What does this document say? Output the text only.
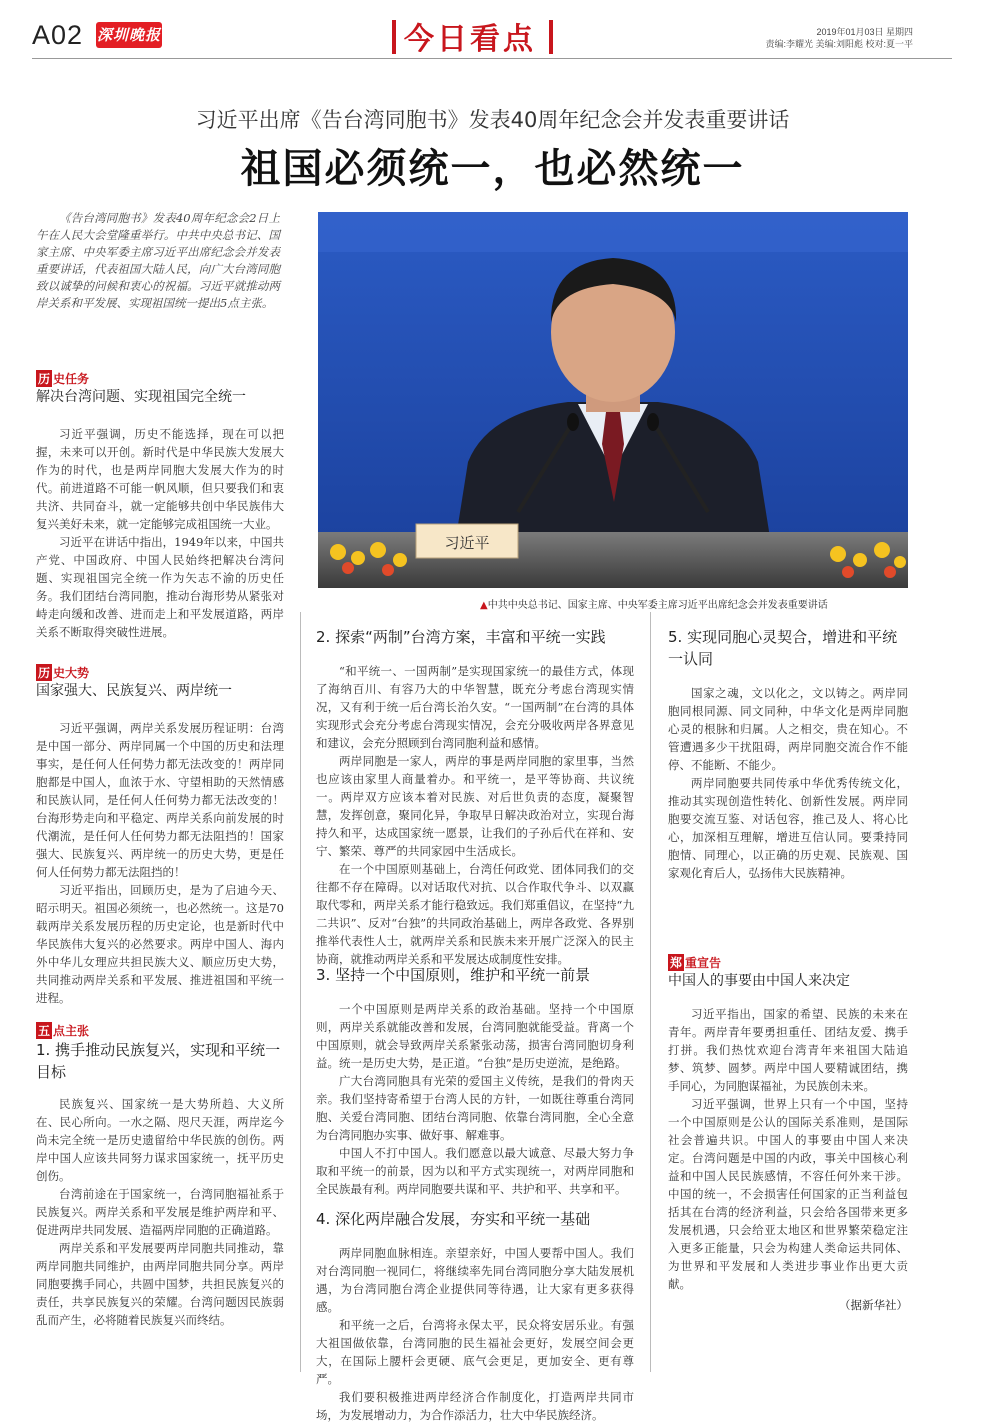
A02 深圳晚报	今日看点	2019年01月03日 星期四
责编:李耀光 美编:刘阳彪 校对:夏一平
习近平出席《告台湾同胞书》发表40周年纪念会并发表重要讲话
祖国必须统一，也必然统一
《告台湾同胞书》发表40周年纪念会2日上午在人民大会堂隆重举行。中共中央总书记、国家主席、中央军委主席习近平出席纪念会并发表重要讲话，代表祖国大陆人民，向广大台湾同胞致以诚挚的问候和衷心的祝福。习近平就推动两岸关系和平发展、实现祖国统一提出5点主张。
习近平
▲中共中央总书记、国家主席、中央军委主席习近平出席纪念会并发表重要讲话
历 史任务
解决台湾问题、实现祖国完全统一

习近平强调，历史不能选择，现在可以把握，未来可以开创。新时代是中华民族大发展大作为的时代，也是两岸同胞大发展大作为的时代。前进道路不可能一帆风顺，但只要我们和衷共济、共同奋斗，就一定能够共创中华民族伟大复兴美好未来，就一定能够完成祖国统一大业。

习近平在讲话中指出，1949年以来，中国共产党、中国政府、中国人民始终把解决台湾问题、实现祖国完全统一作为矢志不渝的历史任务。我们团结台湾同胞，推动台海形势从紧张对峙走向缓和改善、进而走上和平发展道路，两岸关系不断取得突破性进展。

历 史大势
国家强大、民族复兴、两岸统一

习近平强调，两岸关系发展历程证明：台湾是中国一部分、两岸同属一个中国的历史和法理事实，是任何人任何势力都无法改变的！两岸同胞都是中国人，血浓于水、守望相助的天然情感和民族认同，是任何人任何势力都无法改变的！台海形势走向和平稳定、两岸关系向前发展的时代潮流，是任何人任何势力都无法阻挡的！国家强大、民族复兴、两岸统一的历史大势，更是任何人任何势力都无法阻挡的！

习近平指出，回顾历史，是为了启迪今天、昭示明天。祖国必须统一，也必然统一。这是70载两岸关系发展历程的历史定论，也是新时代中华民族伟大复兴的必然要求。两岸中国人、海内外中华儿女理应共担民族大义、顺应历史大势，共同推动两岸关系和平发展、推进祖国和平统一进程。

五 点主张
1. 携手推动民族复兴，实现和平统一目标

民族复兴、国家统一是大势所趋、大义所在、民心所向。一水之隔、咫尺天涯，两岸迄今尚未完全统一是历史遗留给中华民族的创伤。两岸中国人应该共同努力谋求国家统一，抚平历史创伤。

台湾前途在于国家统一，台湾同胞福祉系于民族复兴。两岸关系和平发展是维护两岸和平、促进两岸共同发展、造福两岸同胞的正确道路。

两岸关系和平发展要两岸同胞共同推动，靠两岸同胞共同维护，由两岸同胞共同分享。两岸同胞要携手同心，共圆中国梦，共担民族复兴的责任，共享民族复兴的荣耀。台湾问题因民族弱乱而产生，必将随着民族复兴而终结。

2. 探索“两制”台湾方案，丰富和平统一实践

“和平统一、一国两制”是实现国家统一的最佳方式，体现了海纳百川、有容乃大的中华智慧，既充分考虑台湾现实情况，又有利于统一后台湾长治久安。“一国两制”在台湾的具体实现形式会充分考虑台湾现实情况，会充分吸收两岸各界意见和建议，会充分照顾到台湾同胞利益和感情。

两岸同胞是一家人，两岸的事是两岸同胞的家里事，当然也应该由家里人商量着办。和平统一，是平等协商、共议统一。两岸双方应该本着对民族、对后世负责的态度，凝聚智慧，发挥创意，聚同化异，争取早日解决政治对立，实现台海持久和平，达成国家统一愿景，让我们的子孙后代在祥和、安宁、繁荣、尊严的共同家园中生活成长。

在一个中国原则基础上，台湾任何政党、团体同我们的交往都不存在障碍。以对话取代对抗、以合作取代争斗、以双赢取代零和，两岸关系才能行稳致远。我们郑重倡议，在坚持“九二共识”、反对“台独”的共同政治基础上，两岸各政党、各界别推举代表性人士，就两岸关系和民族未来开展广泛深入的民主协商，就推动两岸关系和平发展达成制度性安排。

3. 坚持一个中国原则，维护和平统一前景

一个中国原则是两岸关系的政治基础。坚持一个中国原则，两岸关系就能改善和发展，台湾同胞就能受益。背离一个中国原则，就会导致两岸关系紧张动荡，损害台湾同胞切身利益。统一是历史大势，是正道。“台独”是历史逆流，是绝路。

广大台湾同胞具有光荣的爱国主义传统，是我们的骨肉天亲。我们坚持寄希望于台湾人民的方针，一如既往尊重台湾同胞、关爱台湾同胞、团结台湾同胞、依靠台湾同胞，全心全意为台湾同胞办实事、做好事、解难事。

中国人不打中国人。我们愿意以最大诚意、尽最大努力争取和平统一的前景，因为以和平方式实现统一，对两岸同胞和全民族最有利。两岸同胞要共谋和平、共护和平、共享和平。

4. 深化两岸融合发展，夯实和平统一基础

两岸同胞血脉相连。亲望亲好，中国人要帮中国人。我们对台湾同胞一视同仁，将继续率先同台湾同胞分享大陆发展机遇，为台湾同胞台湾企业提供同等待遇，让大家有更多获得感。

和平统一之后，台湾将永保太平，民众将安居乐业。有强大祖国做依靠，台湾同胞的民生福祉会更好，发展空间会更大，在国际上腰杆会更硬、底气会更足，更加安全、更有尊严。

我们要积极推进两岸经济合作制度化，打造两岸共同市场，为发展增动力，为合作添活力，壮大中华民族经济。

5. 实现同胞心灵契合，增进和平统一认同

国家之魂，文以化之，文以铸之。两岸同胞同根同源、同文同种，中华文化是两岸同胞心灵的根脉和归属。人之相交，贵在知心。不管遭遇多少干扰阻碍，两岸同胞交流合作不能停、不能断、不能少。

两岸同胞要共同传承中华优秀传统文化，推动其实现创造性转化、创新性发展。两岸同胞要交流互鉴、对话包容，推己及人、将心比心，加深相互理解，增进互信认同。要秉持同胞情、同理心，以正确的历史观、民族观、国家观化育后人，弘扬伟大民族精神。

郑 重宣告
中国人的事要由中国人来决定

习近平指出，国家的希望、民族的未来在青年。两岸青年要勇担重任、团结友爱、携手打拼。我们热忱欢迎台湾青年来祖国大陆追梦、筑梦、圆梦。两岸中国人要精诚团结，携手同心，为同胞谋福祉，为民族创未来。

习近平强调，世界上只有一个中国，坚持一个中国原则是公认的国际关系准则，是国际社会普遍共识。中国人的事要由中国人来决定。台湾问题是中国的内政，事关中国核心利益和中国人民民族感情，不容任何外来干涉。中国的统一，不会损害任何国家的正当利益包括其在台湾的经济利益，只会给各国带来更多发展机遇，只会给亚太地区和世界繁荣稳定注入更多正能量，只会为构建人类命运共同体、为世界和平发展和人类进步事业作出更大贡献。

（据新华社）
